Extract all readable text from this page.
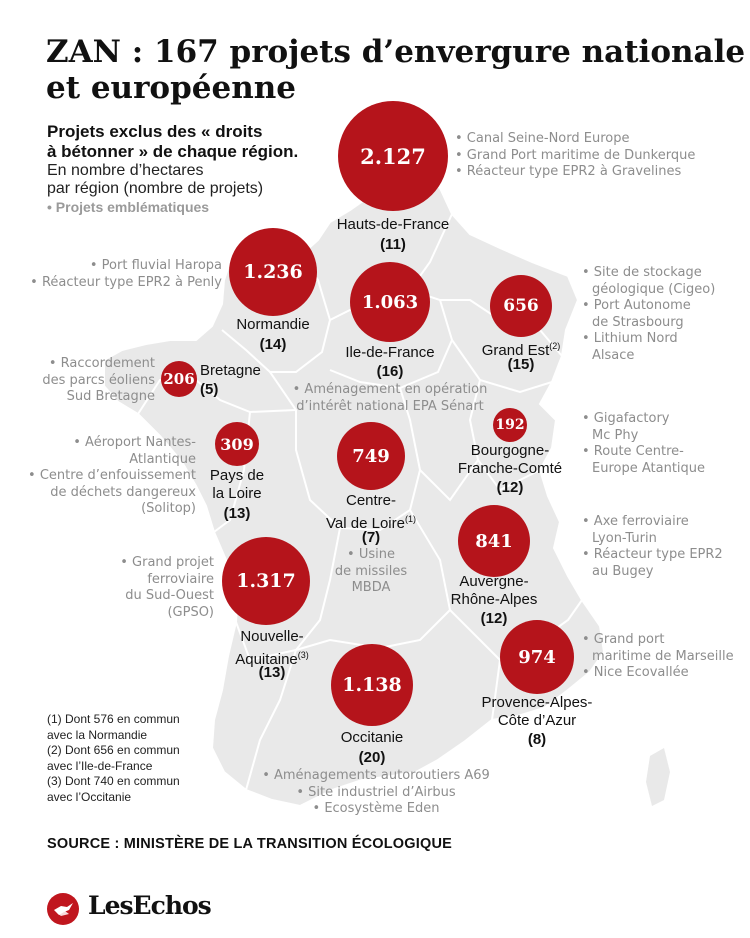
ZAN : 167 projets d’envergure nationale
et européenne
Projets exclus des « droits
à bétonner » de chaque région.
En nombre d’hectares
par région (nombre de projets)
• Projets emblématiques
2.127
Hauts-de-France
(11)
• Canal Seine-Nord Europe
• Grand Port maritime de Dunkerque
• Réacteur type EPR2 à Gravelines
1.236
Normandie
(14)
• Port fluvial Haropa
• Réacteur type EPR2 à Penly
1.063
Ile-de-France
(16)
• Aménagement en opération
d’intérêt national EPA Sénart
656
Grand Est$^{(2)}$
(15)
• Site de stockage
géologique (Cigeo)
• Port Autonome
de Strasbourg
• Lithium Nord
Alsace
206 Bretagne
(5)
• Raccordement
des parcs éoliens
Sud Bretagne
192
Bourgogne-
Franche-Comté
(12)
• Gigafactory
Mc Phy
• Route Centre-
Europe Atantique
309
Pays de
la Loire
(13)
• Aéroport Nantes-
Atlantique
• Centre d’enfouissement
de déchets dangereux
(Solitop)
749
Centre-
Val de Loire$^{(1)}$
(7)
• Usine
de missiles
MBDA
841
Auvergne-
Rhône-Alpes
(12)
• Axe ferroviaire
Lyon-Turin
• Réacteur type EPR2
au Bugey
1.317
Nouvelle-
Aquitaine$^{(3)}$
(13)
• Grand projet
ferroviaire
du Sud-Ouest
(GPSO)
974
Provence-Alpes-
Côte d’Azur
(8)
• Grand port
maritime de Marseille
• Nice Ecovallée
1.138
Occitanie
(20)
• Aménagements autoroutiers A69
• Site industriel d’Airbus
• Ecosystème Eden
(1) Dont 576 en commun
avec la Normandie
(2) Dont 656 en commun
avec l’Ile-de-France
(3) Dont 740 en commun
avec l’Occitanie
SOURCE : MINISTÈRE DE LA TRANSITION ÉCOLOGIQUE
LesEchos
